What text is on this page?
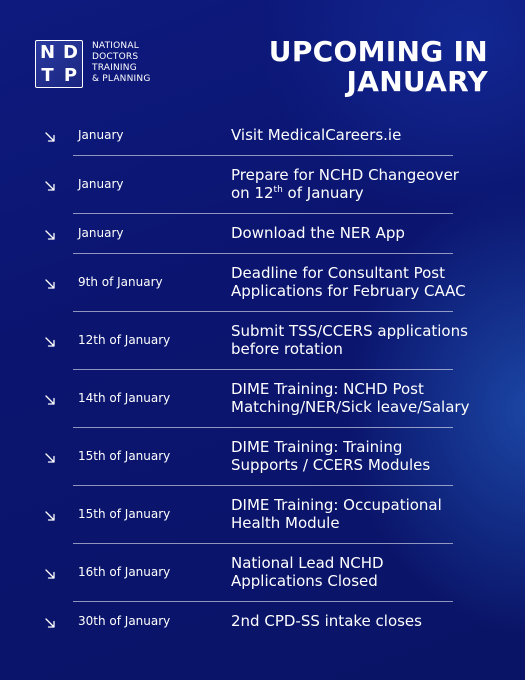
N D
T P
NATIONAL
DOCTORS
TRAINING
& PLANNING
UPCOMING IN
JANUARY
January	Visit MedicalCareers.ie
January	Prepare for NCHD Changeover
on 12th of January
January	Download the NER App
9th of January	Deadline for Consultant Post
Applications for February CAAC
12th of January	Submit TSS/CCERS applications
before rotation
14th of January	DIME Training: NCHD Post
Matching/NER/Sick leave/Salary
15th of January	DIME Training: Training
Supports / CCERS Modules
15th of January	DIME Training: Occupational
Health Module
16th of January	National Lead NCHD
Applications Closed
30th of January	2nd CPD-SS intake closes
